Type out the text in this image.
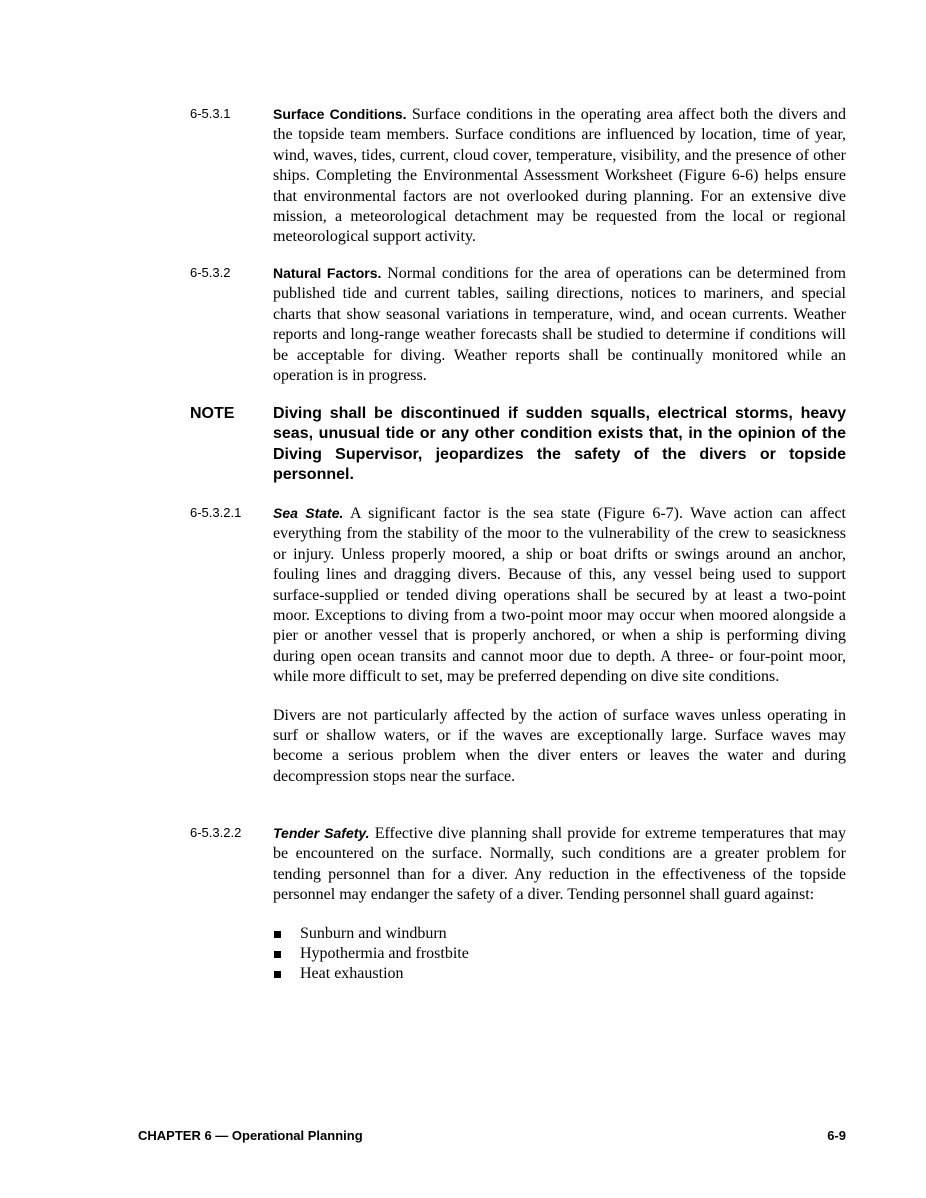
6-5.3.1	Surface Conditions. Surface conditions in the operating area affect both the divers and the topside team members. Surface conditions are influenced by location, time of year, wind, waves, tides, current, cloud cover, temperature, visibility, and the presence of other ships. Completing the Environmental Assessment Worksheet (Figure 6-6) helps ensure that environmental factors are not overlooked during planning. For an extensive dive mission, a meteorological detachment may be requested from the local or regional meteorological support activity.
6-5.3.2	Natural Factors. Normal conditions for the area of operations can be determined from published tide and current tables, sailing directions, notices to mariners, and special charts that show seasonal variations in temperature, wind, and ocean currents. Weather reports and long-range weather forecasts shall be studied to determine if conditions will be acceptable for diving. Weather reports shall be continually monitored while an operation is in progress.
NOTE Diving shall be discontinued if sudden squalls, electrical storms, heavy seas, unusual tide or any other condition exists that, in the opinion of the Diving Supervisor, jeopardizes the safety of the divers or topside personnel.
6-5.3.2.1 Sea State. A significant factor is the sea state (Figure 6-7). Wave action can affect everything from the stability of the moor to the vulnerability of the crew to seasickness or injury. Unless properly moored, a ship or boat drifts or swings around an anchor, fouling lines and dragging divers. Because of this, any vessel being used to support surface-supplied or tended diving operations shall be secured by at least a two-point moor. Exceptions to diving from a two-point moor may occur when moored alongside a pier or another vessel that is properly anchored, or when a ship is performing diving during open ocean transits and cannot moor due to depth. A three- or four-point moor, while more difficult to set, may be preferred depending on dive site conditions.
Divers are not particularly affected by the action of surface waves unless operating in surf or shallow waters, or if the waves are exceptionally large. Surface waves may become a serious problem when the diver enters or leaves the water and during decompression stops near the surface.
6-5.3.2.2 Tender Safety. Effective dive planning shall provide for extreme temperatures that may be encountered on the surface. Normally, such conditions are a greater problem for tending personnel than for a diver. Any reduction in the effectiveness of the topside personnel may endanger the safety of a diver. Tending personnel shall guard against:
Sunburn and windburn
Hypothermia and frostbite
Heat exhaustion
CHAPTER 6 — Operational Planning	6-9
